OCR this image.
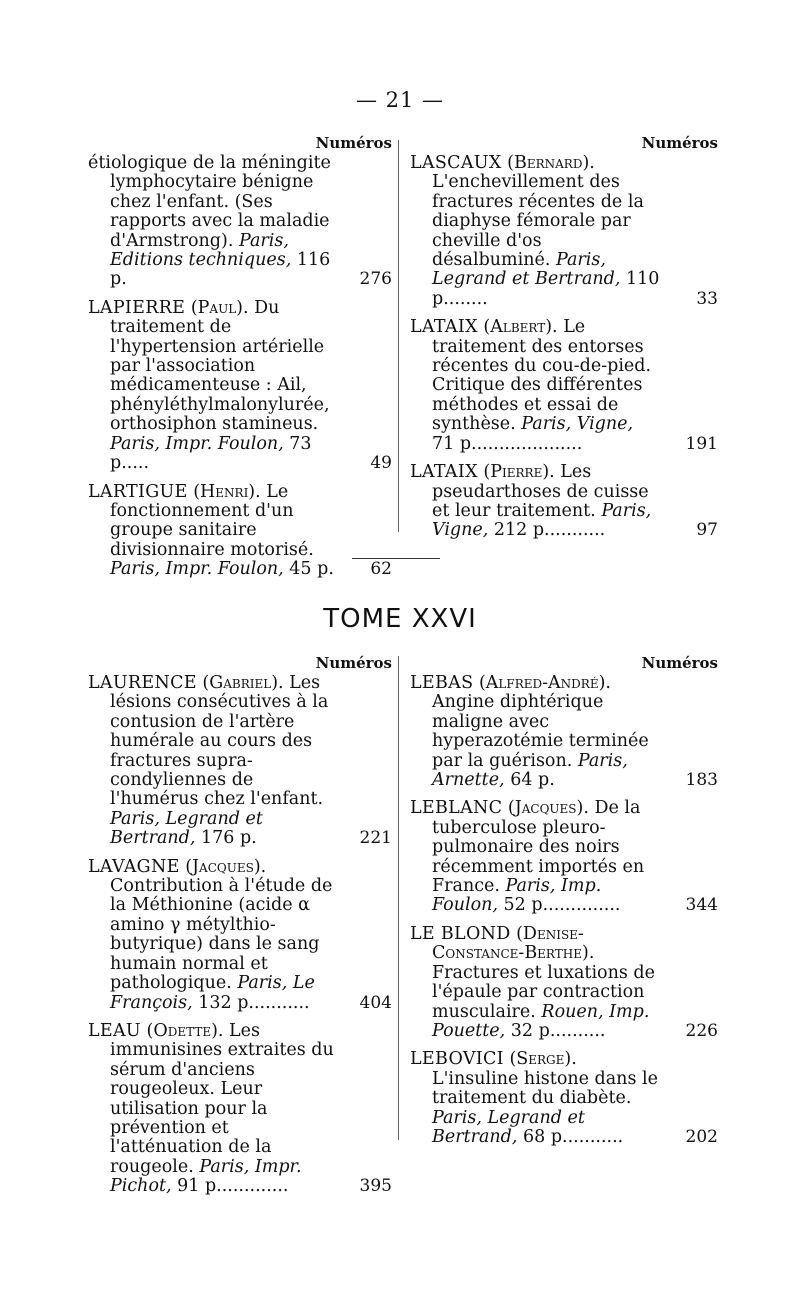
— 21 —
Numéros
étiologique de la méningite lymphocytaire bénigne chez l'enfant. (Ses rapports avec la maladie d'Armstrong). Paris, Editions techniques, 116 p.	276
LAPIERRE (Paul). Du traitement de l'hypertension artérielle par l'association médicamenteuse : Ail, phényléthylmalonylurée, orthosiphon stamineus. Paris, Impr. Foulon, 73 p.....	49
LARTIGUE (Henri). Le fonctionnement d'un groupe sanitaire divisionnaire motorisé. Paris, Impr. Foulon, 45 p. 62
Numéros
LASCAUX (Bernard). L'enchevillement des fractures récentes de la diaphyse fémorale par cheville d'os désalbuminé. Paris, Legrand et Bertrand, 110 p........	33
LATAIX (Albert). Le traitement des entorses récentes du cou-de-pied. Critique des différentes méthodes et essai de synthèse. Paris, Vigne, 71 p....................	191
LATAIX (Pierre). Les pseudarthoses de cuisse et leur traitement. Paris, Vigne, 212 p...........	97
TOME XXVI
Numéros
LAURENCE (Gabriel). Les lésions consécutives à la contusion de l'artère humérale au cours des fractures supra-condyliennes de l'humérus chez l'enfant. Paris, Legrand et Bertrand, 176 p.	221
LAVAGNE (Jacques). Contribution à l'étude de la Méthionine (acide α amino γ métylthio-butyrique) dans le sang humain normal et pathologique. Paris, Le François, 132 p...........	404
LEAU (Odette). Les immunisines extraites du sérum d'anciens rougeoleux. Leur utilisation pour la prévention et l'atténuation de la rougeole. Paris, Impr. Pichot, 91 p.............	395
Numéros
LEBAS (Alfred-André). Angine diphtérique maligne avec hyperazotémie terminée par la guérison. Paris, Arnette, 64 p.	183
LEBLANC (Jacques). De la tuberculose pleuro-pulmonaire des noirs récemment importés en France. Paris, Imp. Foulon, 52 p..............	344
LE BLOND (Denise-Constance-Berthe). Fractures et luxations de l'épaule par contraction musculaire. Rouen, Imp. Pouette, 32 p..........	226
LEBOVICI (Serge). L'insuline histone dans le traitement du diabète. Paris, Legrand et Bertrand, 68 p...........	202
